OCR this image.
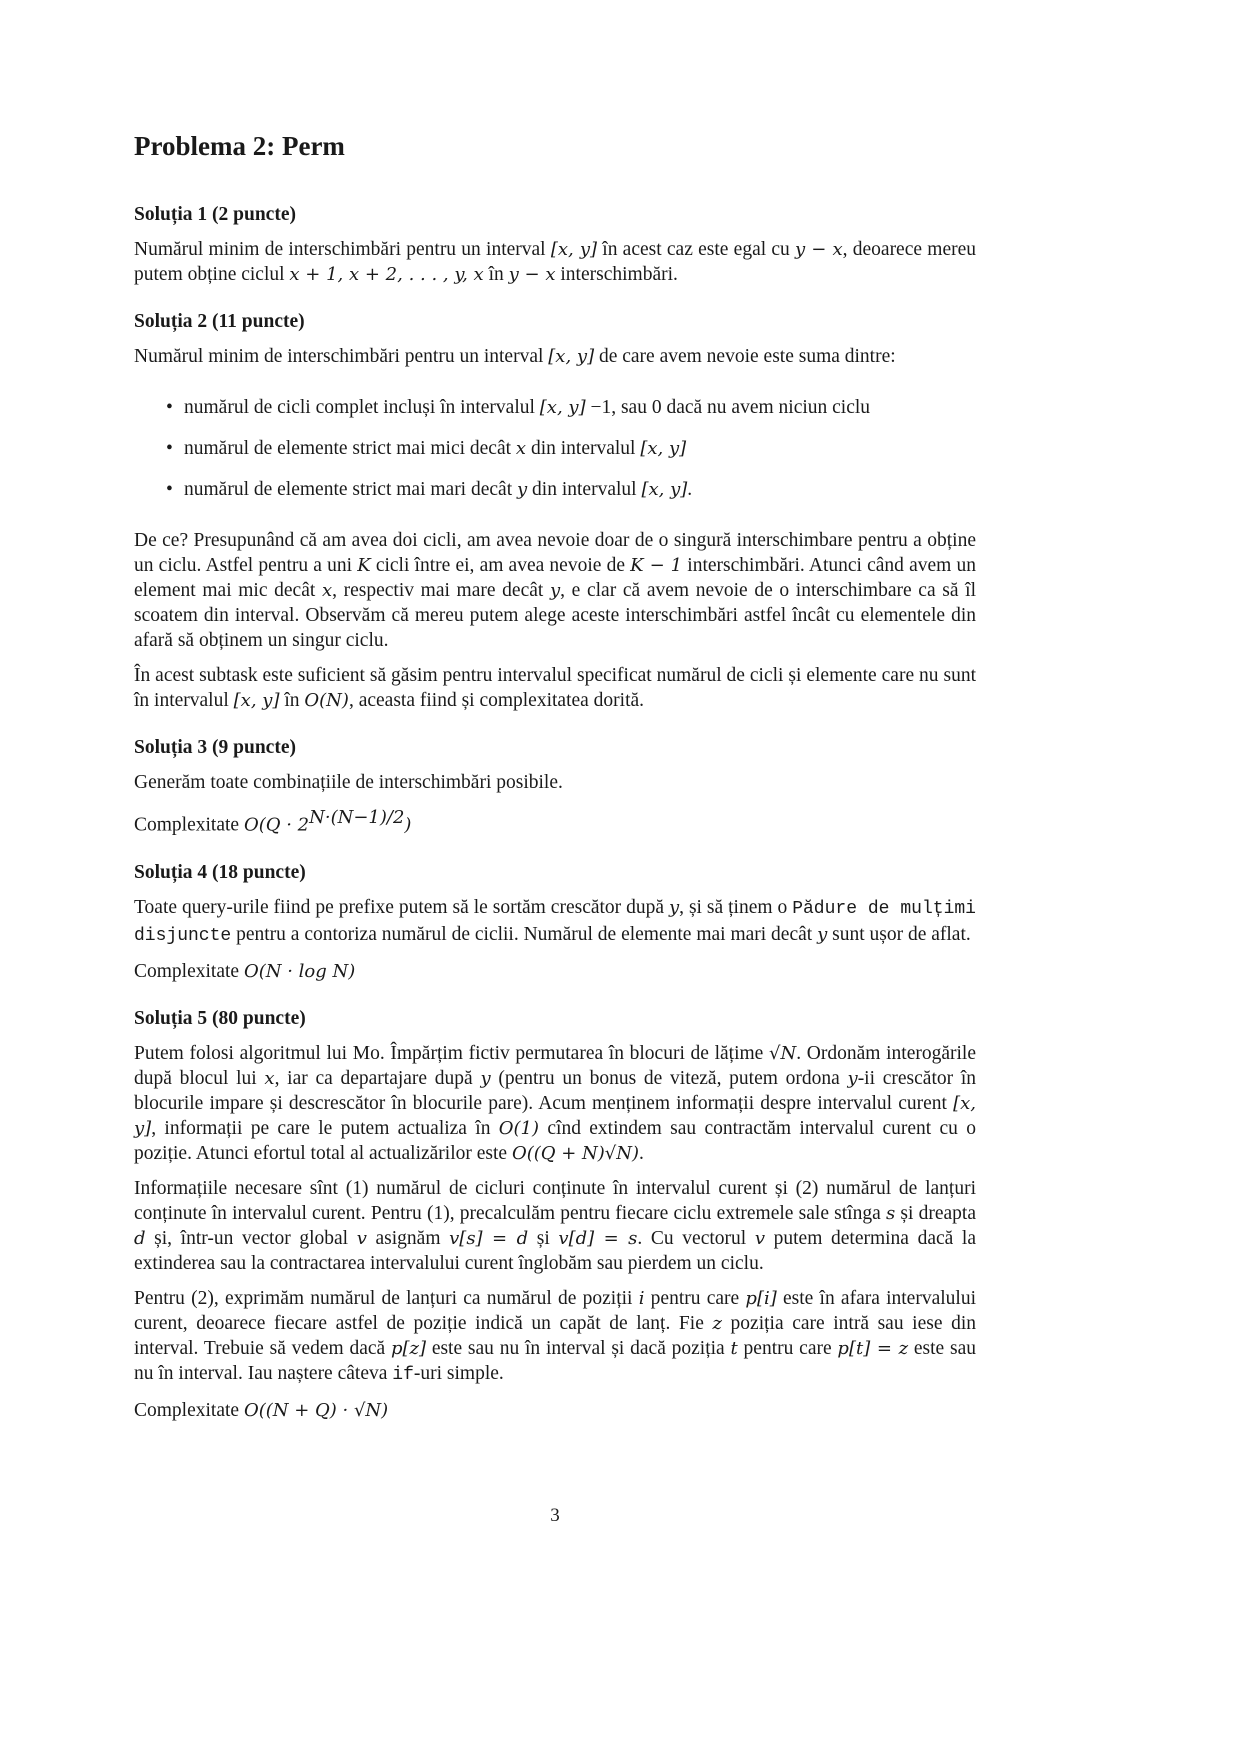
Problema 2: Perm
Soluția 1 (2 puncte)

Numărul minim de interschimbări pentru un interval [x, y] în acest caz este egal cu y − x, deoarece mereu putem obține ciclul x + 1, x + 2, . . . , y, x în y − x interschimbări.

Soluția 2 (11 puncte)

Numărul minim de interschimbări pentru un interval [x, y] de care avem nevoie este suma dintre:

• numărul de cicli complet incluși în intervalul [x, y] −1, sau 0 dacă nu avem niciun ciclu
• numărul de elemente strict mai mici decât x din intervalul [x, y]
• numărul de elemente strict mai mari decât y din intervalul [x, y].

De ce? Presupunând că am avea doi cicli, am avea nevoie doar de o singură interschimbare pentru a obține un ciclu. Astfel pentru a uni K cicli între ei, am avea nevoie de K − 1 interschimbări. Atunci când avem un element mai mic decât x, respectiv mai mare decât y, e clar că avem nevoie de o interschimbare ca să îl scoatem din interval. Observăm că mereu putem alege aceste interschimbări astfel încât cu elementele din afară să obținem un singur ciclu.

În acest subtask este suficient să găsim pentru intervalul specificat numărul de cicli și elemente care nu sunt în intervalul [x, y] în O(N), aceasta fiind și complexitatea dorită.

Soluția 3 (9 puncte)

Generăm toate combinațiile de interschimbări posibile.

Complexitate $O(Q \cdot 2^{N\cdot(N-1)/2})$

Soluția 4 (18 puncte)

Toate query-urile fiind pe prefixe putem să le sortăm crescător după y, și să ținem o Pădure de mulțimi disjuncte pentru a contoriza numărul de ciclii. Numărul de elemente mai mari decât y sunt ușor de aflat.

Complexitate O(N · log N)

Soluția 5 (80 puncte)

Putem folosi algoritmul lui Mo. Împărțim fictiv permutarea în blocuri de lățime √N. Ordonăm interogările după blocul lui x, iar ca departajare după y (pentru un bonus de viteză, putem ordona y-ii crescător în blocurile impare și descrescător în blocurile pare). Acum menținem informații despre intervalul curent [x, y], informații pe care le putem actualiza în O(1) cînd extindem sau contractăm intervalul curent cu o poziție. Atunci efortul total al actualizărilor este O((Q + N)√N).

Informațiile necesare sînt (1) numărul de cicluri conținute în intervalul curent și (2) numărul de lanțuri conținute în intervalul curent. Pentru (1), precalculăm pentru fiecare ciclu extremele sale stînga s și dreapta d și, într-un vector global v asignăm v[s] = d și v[d] = s. Cu vectorul v putem determina dacă la extinderea sau la contractarea intervalului curent înglobăm sau pierdem un ciclu.

Pentru (2), exprimăm numărul de lanțuri ca numărul de poziții i pentru care p[i] este în afara intervalului curent, deoarece fiecare astfel de poziție indică un capăt de lanț. Fie z poziția care intră sau iese din interval. Trebuie să vedem dacă p[z] este sau nu în interval și dacă poziția t pentru care p[t] = z este sau nu în interval. Iau naștere câteva if-uri simple.

Complexitate O((N + Q) · √N)

3
